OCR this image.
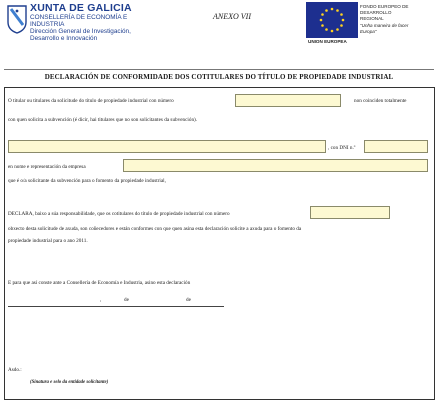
XUNTA DE GALICIA
CONSELLERÍA DE ECONOMÍA E
INDUSTRIA
Dirección General de Investigación,
Desarrollo e Innovación
ANEXO VII
UNION EUROPEA
FONDO EUROPEO DE
DESARROLLO
REGIONAL
"Unha maneira de facer
Europa"
DECLARACIÓN DE CONFORMIDADE DOS COTITULARES DO TÍTULO DE PROPIEDADE INDUSTRIAL
O titular ou titulares da solicitude do título de propiedade industrial con número	non coinciden totalmente
con quen solicita a subvención (é dicir, hai titulares que no son solicitantes da subvención).
, con DNI n.º
en nome e representación da empresa
que é o/a solicitante da subvención para o fomento da propiedade industrial,
DECLARA, baixo a súa responsabilidade, que os cotitulares do título de propiedade industrial con número
obxecto desta solicitude de axuda, son coñecedores e están conformes con que quen asina esta declaración solicite a axuda para o fomento da
propiedade industrial para o ano 2011.
E para que así conste ante a Consellería de Economía e Industria, asino esta declaración
,	de	de
Asdo.:
(Sinatura e selo da entidade solicitante)
